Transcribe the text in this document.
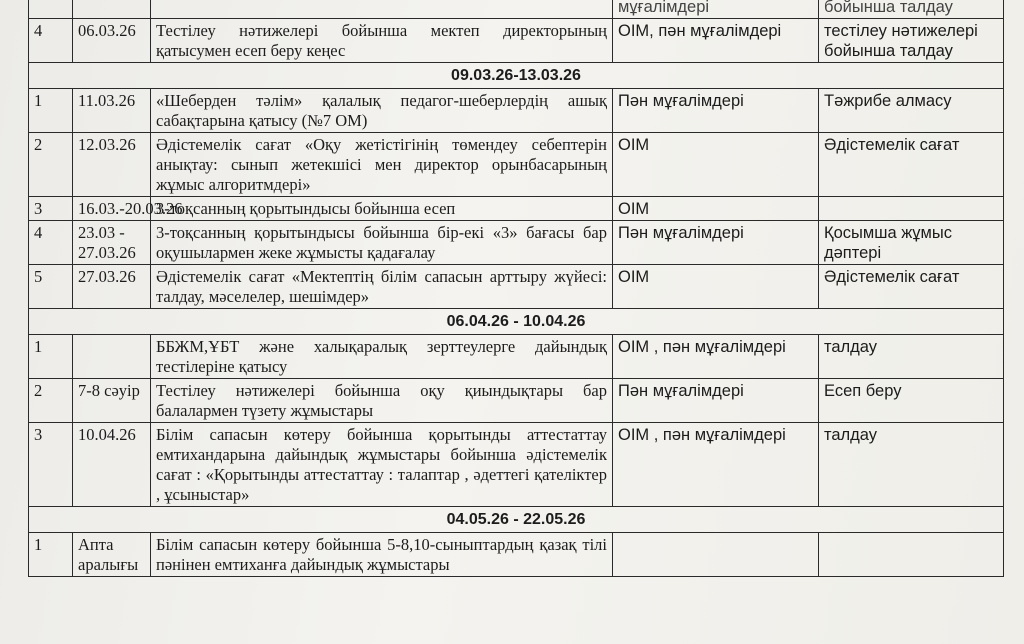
			мұғалімдері	бойынша талдау
4	06.03.26	Тестілеу нәтижелері бойынша мектеп директорының қатысумен есеп беру кеңес	ОІМ, пән мұғалімдері	тестілеу нәтижелері бойынша талдау
09.03.26-13.03.26				
1	11.03.26	«Шеберден тәлім» қалалық педагог-шеберлердің ашық сабақтарына қатысу (№7 ОМ)	Пән мұғалімдері	Тәжрибе алмасу
2	12.03.26	Әдістемелік сағат «Оқу жетістігінің төмендеу себептерін анықтау: сынып жетекшісі мен директор орынбасарының жұмыс алгоритмдері»	ОІМ	Әдістемелік сағат
3	16.03.-20.03.26	3-тоқсанның қорытындысы бойынша есеп	ОІМ	
4	23.03 - 27.03.26	3-тоқсанның қорытындысы бойынша бір-екі «3» бағасы бар оқушылармен жеке жұмысты қадағалау	Пән мұғалімдері	Қосымша жұмыс дәптері
5	27.03.26	Әдістемелік сағат «Мектептің білім сапасын арттыру жүйесі: талдау, мәселелер, шешімдер»	ОІМ	Әдістемелік сағат
06.04.26 - 10.04.26				
1		ББЖМ,ҰБТ және халықаралық зерттеулерге дайындық тестілеріне қатысу	ОІМ , пән мұғалімдері	талдау
2	7-8 сәуір	Тестілеу нәтижелері бойынша оқу қиындықтары бар балалармен түзету жұмыстары	Пән мұғалімдері	Есеп беру
3	10.04.26	Білім сапасын көтеру бойынша қорытынды аттестаттау емтихандарына дайындық жұмыстары бойынша әдістемелік сағат : «Қорытынды аттестаттау : талаптар , әдеттегі қателіктер , ұсыныстар»	ОІМ , пән мұғалімдері	талдау
04.05.26 - 22.05.26				
1	Апта аралығы	Білім сапасын көтеру бойынша 5-8,10-сыныптардың қазақ тілі пәнінен емтиханға дайындық жұмыстары		
